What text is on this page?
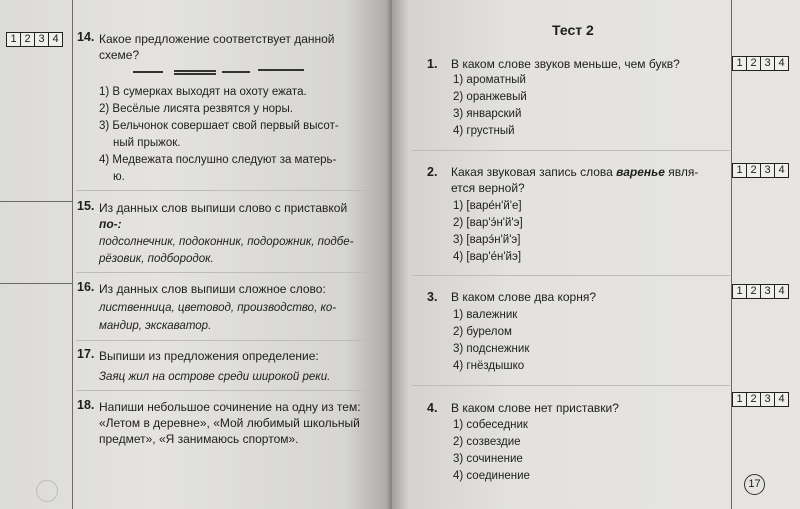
1 2 3 4 14. Какое предложение соответствует данной
схеме?
1) В сумерках выходят на охоту ежата.
2) Весёлые лисята резвятся у норы.
3) Бельчонок совершает свой первый высот-
ный прыжок.
4) Медвежата послушно следуют за матерь-
ю.
15. Из данных слов выпиши слово с приставкой
по-:
подсолнечник, подоконник, подорожник, подбе-
рёзовик, подбородок.
16. Из данных слов выпиши сложное слово:
лиственница, цветовод, производство, ко-
мандир, экскаватор.
17. Выпиши из предложения определение:
Заяц жил на острове среди широкой реки.
18. Напиши небольшое сочинение на одну из тем:
«Летом в деревне», «Мой любимый школьный
предмет», «Я занимаюсь спортом».
Тест 2
1. В каком слове звуков меньше, чем букв?	1 2 3 4
1) ароматный
2) оранжевый
3) январский
4) грустный
2. Какая звуковая запись слова варенье явля-
ется верной?
1 2 3 4
1) [варе́н'й'е]
2) [вар'э́н'й'э]
3) [варэ́н'й'э]
4) [вар'е́н'йэ]
3. В каком слове два корня?	1 2 3 4
1) валежник
2) бурелом
3) подснежник
4) гнёздышко
4. В каком слове нет приставки?
1 2 3 4
1) собеседник
2) созвездие
3) сочинение
4) соединение
17
